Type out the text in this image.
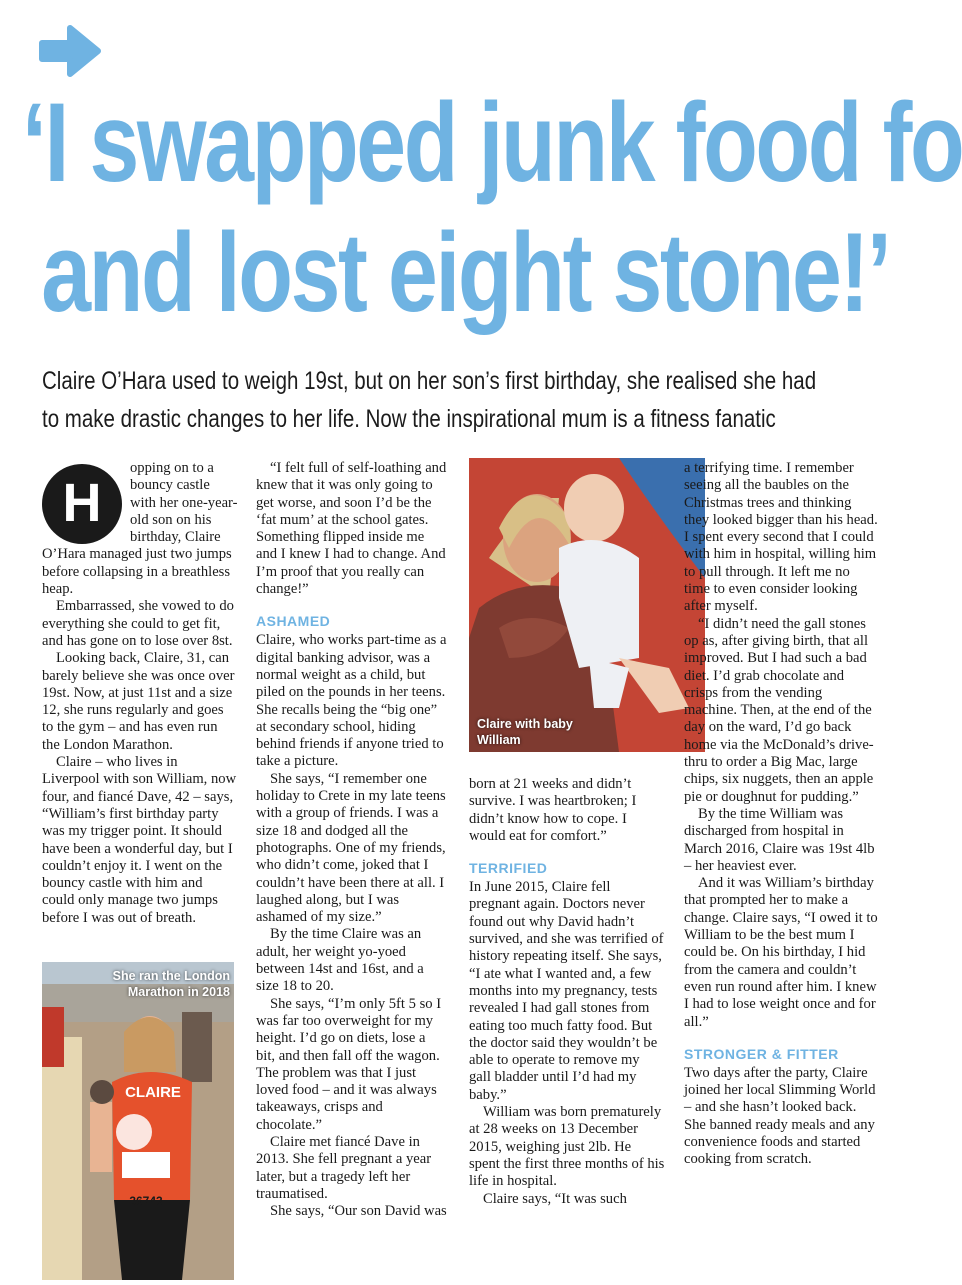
‘I swapped junk food fo
and lost eight stone!’
Claire O’Hara used to weigh 19st, but on her son’s first birthday, she realised she had
to make drastic changes to her life. Now the inspirational mum is a fitness fanatic
H

opping on to a bouncy castle with her one-year-old son on his birthday, Claire O’Hara managed just two jumps before collapsing in a breathless heap.

Embarrassed, she vowed to do everything she could to get fit, and has gone on to lose over 8st.

Looking back, Claire, 31, can barely believe she was once over 19st. Now, at just 11st and a size 12, she runs regularly and goes to the gym – and has even run the London Marathon.

Claire – who lives in Liverpool with son William, now four, and fiancé Dave, 42 – says, “William’s first birthday party was my trigger point. It should have been a wonderful day, but I couldn’t enjoy it. I went on the bouncy castle with him and could only manage two jumps before I was out of breath.

CLAIRE
36743
She ran the London Marathon in 2018

“I felt full of self-loathing and knew that it was only going to get worse, and soon I’d be the ‘fat mum’ at the school gates. Something flipped inside me and I knew I had to change. And I’m proof that you really can change!”

ASHAMED

Claire, who works part-time as a digital banking advisor, was a normal weight as a child, but piled on the pounds in her teens. She recalls being the “big one” at secondary school, hiding behind friends if anyone tried to take a picture.

She says, “I remember one holiday to Crete in my late teens with a group of friends. I was a size 18 and dodged all the photographs. One of my friends, who didn’t come, joked that I couldn’t have been there at all. I laughed along, but I was ashamed of my size.”

By the time Claire was an adult, her weight yo-yoed between 14st and 16st, and a size 18 to 20.

She says, “I’m only 5ft 5 so I was far too overweight for my height. I’d go on diets, lose a bit, and then fall off the wagon. The problem was that I just loved food – and it was always takeaways, crisps and chocolate.”

Claire met fiancé Dave in 2013. She fell pregnant a year later, but a tragedy left her traumatised.

She says, “Our son David was

Claire with baby William

born at 21 weeks and didn’t survive. I was heartbroken; I didn’t know how to cope. I would eat for comfort.”

TERRIFIED

In June 2015, Claire fell pregnant again. Doctors never found out why David hadn’t survived, and she was terrified of history repeating itself. She says, “I ate what I wanted and, a few months into my pregnancy, tests revealed I had gall stones from eating too much fatty food. But the doctor said they wouldn’t be able to operate to remove my gall bladder until I’d had my baby.”

William was born prematurely at 28 weeks on 13 December 2015, weighing just 2lb. He spent the first three months of his life in hospital.

Claire says, “It was such

a terrifying time. I remember seeing all the baubles on the Christmas trees and thinking they looked bigger than his head. I spent every second that I could with him in hospital, willing him to pull through. It left me no time to even consider looking after myself.

“I didn’t need the gall stones op as, after giving birth, that all improved. But I had such a bad diet. I’d grab chocolate and crisps from the vending machine. Then, at the end of the day on the ward, I’d go back home via the McDonald’s drive-thru to order a Big Mac, large chips, six nuggets, then an apple pie or doughnut for pudding.”

By the time William was discharged from hospital in March 2016, Claire was 19st 4lb – her heaviest ever.

And it was William’s birthday that prompted her to make a change. Claire says, “I owed it to William to be the best mum I could be. On his birthday, I hid from the camera and couldn’t even run round after him. I knew I had to lose weight once and for all.”

STRONGER & FITTER

Two days after the party, Claire joined her local Slimming World – and she hasn’t looked back. She banned ready meals and any convenience foods and started cooking from scratch.
